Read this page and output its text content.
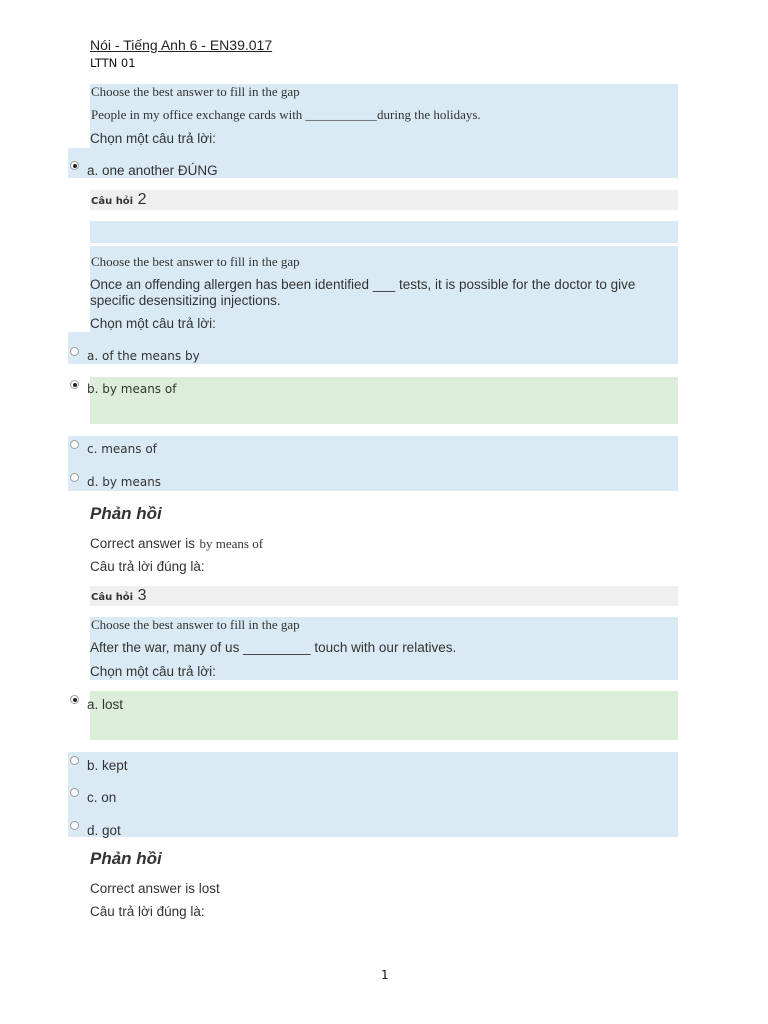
Nói - Tiếng Anh 6 - EN39.017
LTTN 01
Choose the best answer to fill in the gap
People in my office exchange cards with ___________during the holidays.
Chọn một câu trả lời:
a. one another ĐÚNG
Câu hỏi 2
Choose the best answer to fill in the gap
Once an offending allergen has been identified ___ tests, it is possible for the doctor to give specific desensitizing injections.
Chọn một câu trả lời:
a. of the means by
b. by means of
c. means of
d. by means
Phản hồi
Correct answer is by means of
Câu trả lời đúng là:
Câu hỏi 3
Choose the best answer to fill in the gap
After the war, many of us _________ touch with our relatives.
Chọn một câu trả lời:
a. lost
b. kept
c. on
d. got
Phản hồi
Correct answer is lost
Câu trả lời đúng là:
1
